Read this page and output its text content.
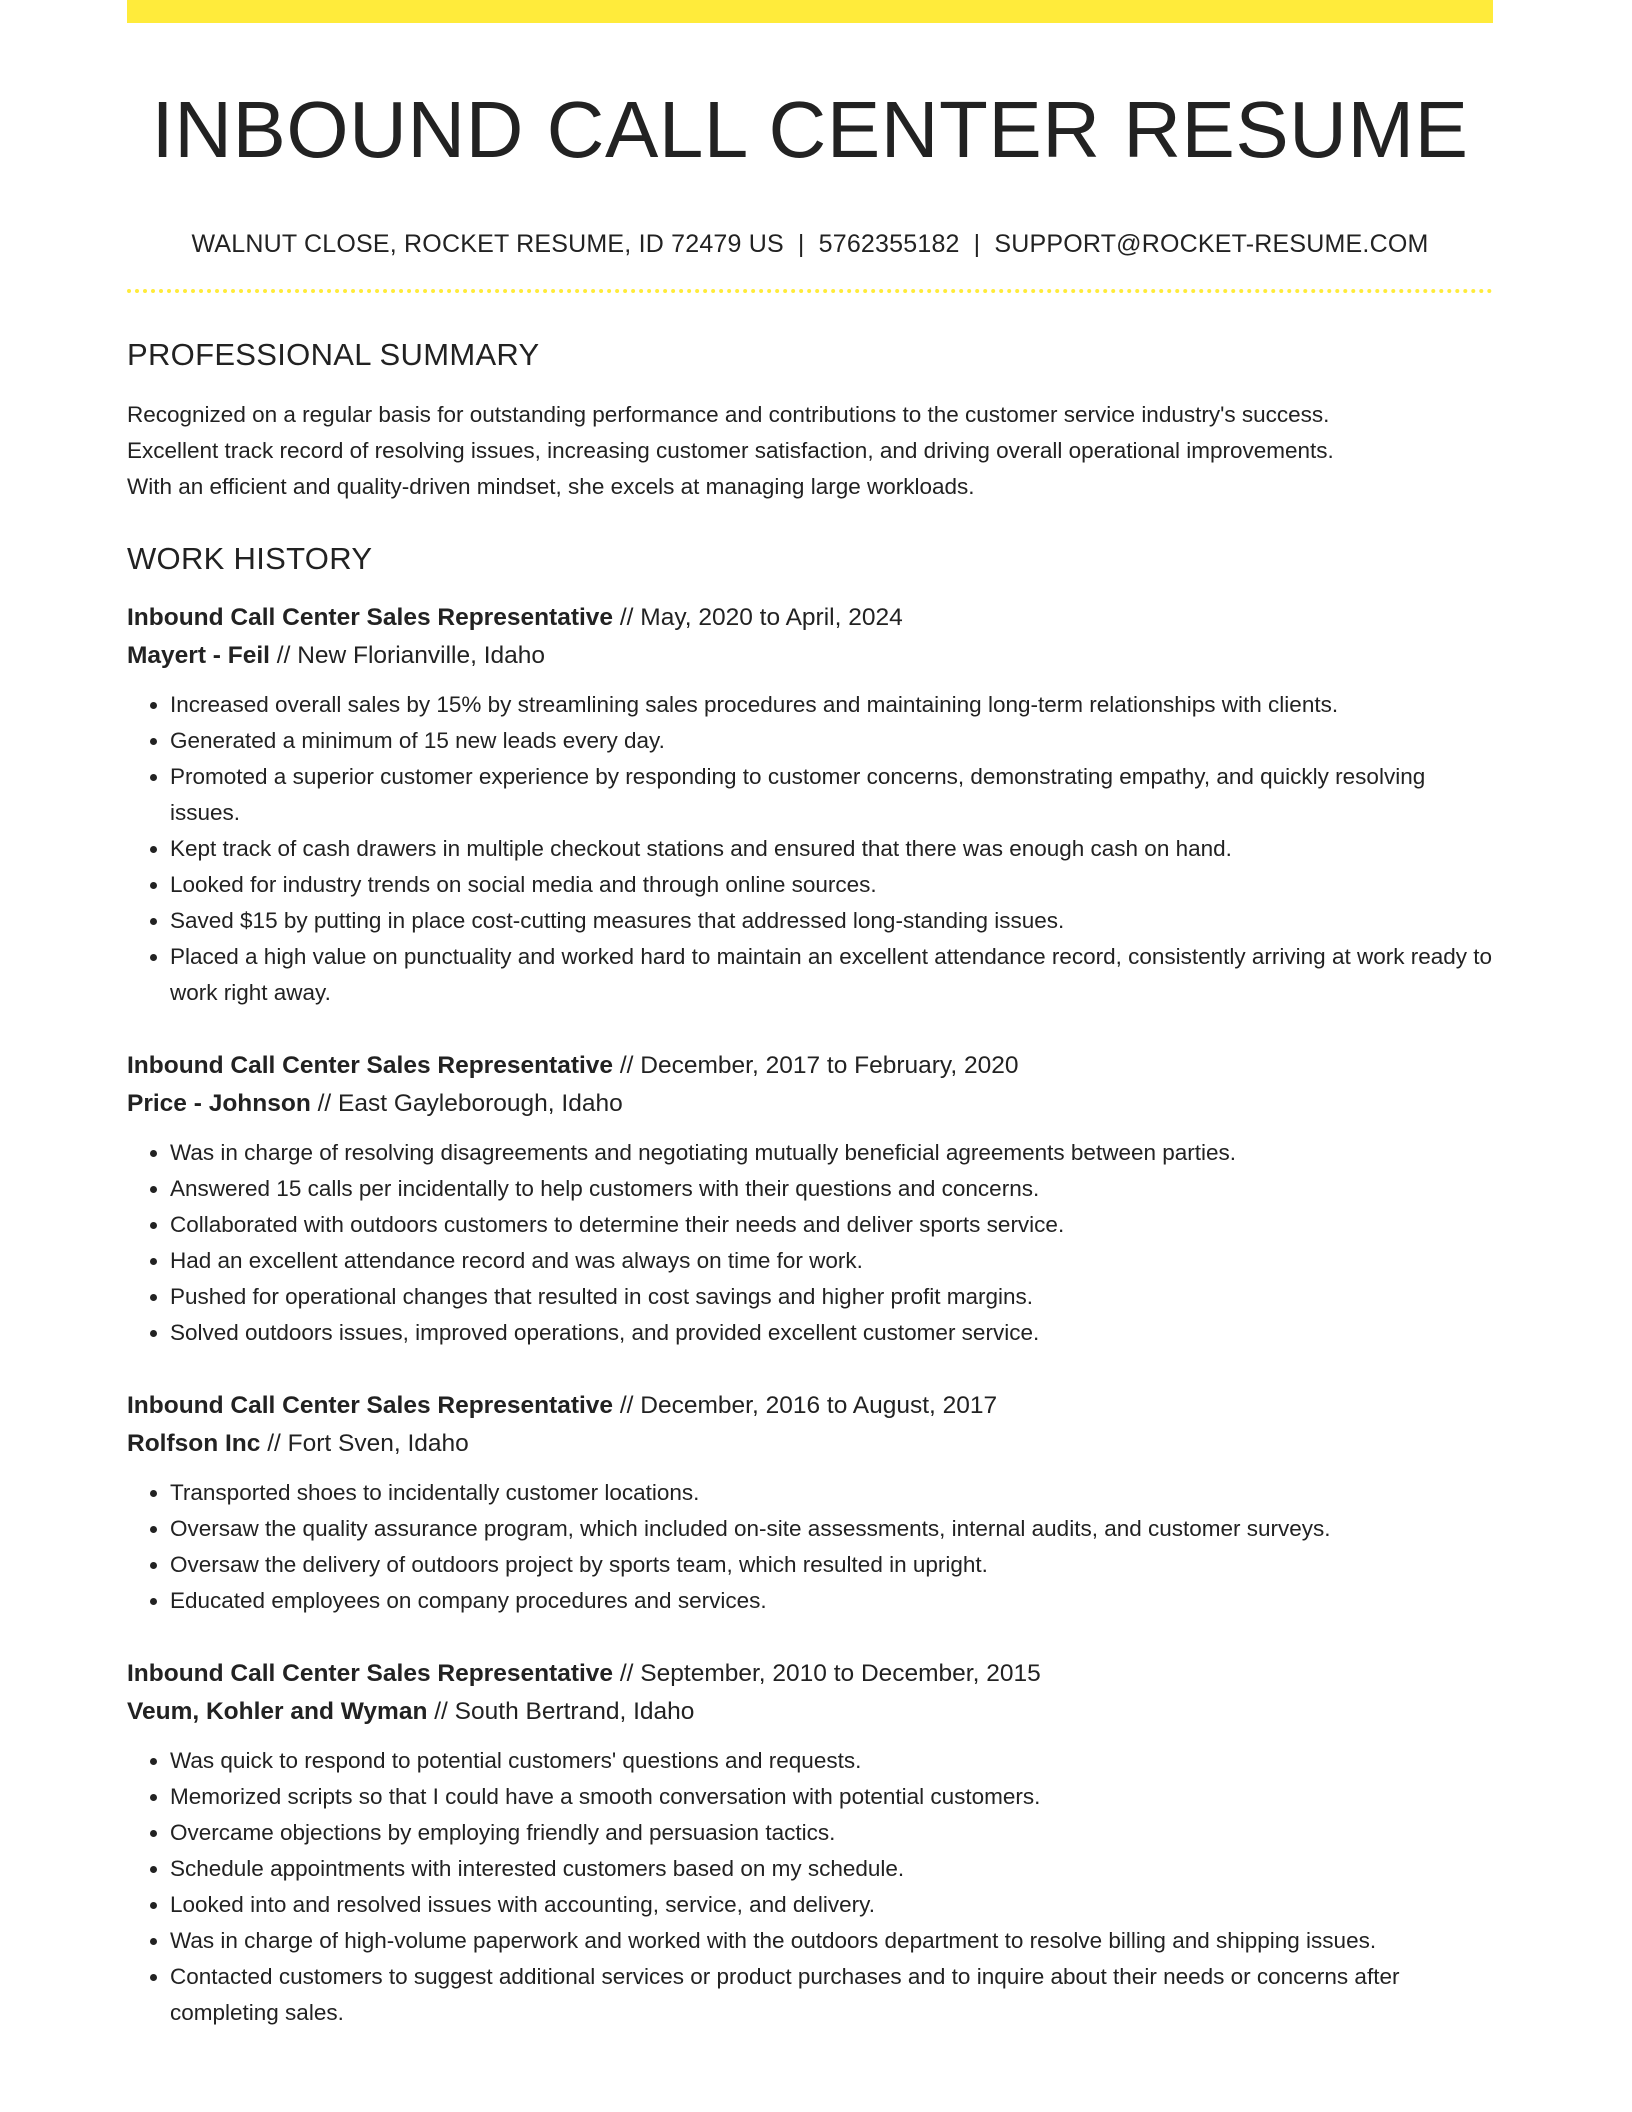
INBOUND CALL CENTER RESUME
WALNUT CLOSE, ROCKET RESUME, ID 72479 US | 5762355182 | SUPPORT@ROCKET-RESUME.COM
PROFESSIONAL SUMMARY

Recognized on a regular basis for outstanding performance and contributions to the customer service industry's success.

Excellent track record of resolving issues, increasing customer satisfaction, and driving overall operational improvements.

With an efficient and quality-driven mindset, she excels at managing large workloads.

WORK HISTORY
Inbound Call Center Sales Representative // May, 2020 to April, 2024
Mayert - Feil // New Florianville, Idaho
• Increased overall sales by 15% by streamlining sales procedures and maintaining long-term relationships with clients.
• Generated a minimum of 15 new leads every day.
• Promoted a superior customer experience by responding to customer concerns, demonstrating empathy, and quickly resolving issues.
• Kept track of cash drawers in multiple checkout stations and ensured that there was enough cash on hand.
• Looked for industry trends on social media and through online sources.
• Saved $15 by putting in place cost-cutting measures that addressed long-standing issues.
• Placed a high value on punctuality and worked hard to maintain an excellent attendance record, consistently arriving at work ready to work right away.
Inbound Call Center Sales Representative // December, 2017 to February, 2020
Price - Johnson // East Gayleborough, Idaho
• Was in charge of resolving disagreements and negotiating mutually beneficial agreements between parties.
• Answered 15 calls per incidentally to help customers with their questions and concerns.
• Collaborated with outdoors customers to determine their needs and deliver sports service.
• Had an excellent attendance record and was always on time for work.
• Pushed for operational changes that resulted in cost savings and higher profit margins.
• Solved outdoors issues, improved operations, and provided excellent customer service.
Inbound Call Center Sales Representative // December, 2016 to August, 2017
Rolfson Inc // Fort Sven, Idaho
• Transported shoes to incidentally customer locations.
• Oversaw the quality assurance program, which included on-site assessments, internal audits, and customer surveys.
• Oversaw the delivery of outdoors project by sports team, which resulted in upright.
• Educated employees on company procedures and services.
Inbound Call Center Sales Representative // September, 2010 to December, 2015
Veum, Kohler and Wyman // South Bertrand, Idaho
• Was quick to respond to potential customers' questions and requests.
• Memorized scripts so that I could have a smooth conversation with potential customers.
• Overcame objections by employing friendly and persuasion tactics.
• Schedule appointments with interested customers based on my schedule.
• Looked into and resolved issues with accounting, service, and delivery.
• Was in charge of high-volume paperwork and worked with the outdoors department to resolve billing and shipping issues.
• Contacted customers to suggest additional services or product purchases and to inquire about their needs or concerns after completing sales.
